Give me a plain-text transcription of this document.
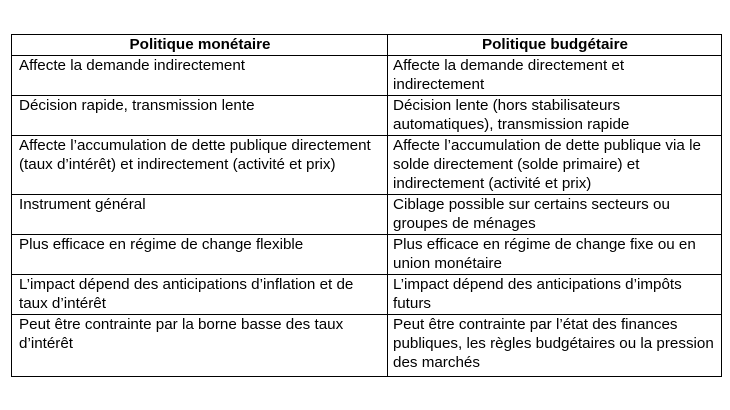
Politique monétaire	Politique budgétaire
Affecte la demande indirectement	Affecte la demande directement et indirectement
Décision rapide, transmission lente	Décision lente (hors stabilisateurs automatiques), transmission rapide
Affecte l’accumulation de dette publique directement (taux d’intérêt) et indirectement (activité et prix)	Affecte l’accumulation de dette publique via le solde directement (solde primaire) et indirectement (activité et prix)
Instrument général	Ciblage possible sur certains secteurs ou groupes de ménages
Plus efficace en régime de change flexible	Plus efficace en régime de change fixe ou en union monétaire
L’impact dépend des anticipations d’inflation et de taux d’intérêt	L’impact dépend des anticipations d’impôts futurs
Peut être contrainte par la borne basse des taux d’intérêt	Peut être contrainte par l’état des finances publiques, les règles budgétaires ou la pression des marchés
